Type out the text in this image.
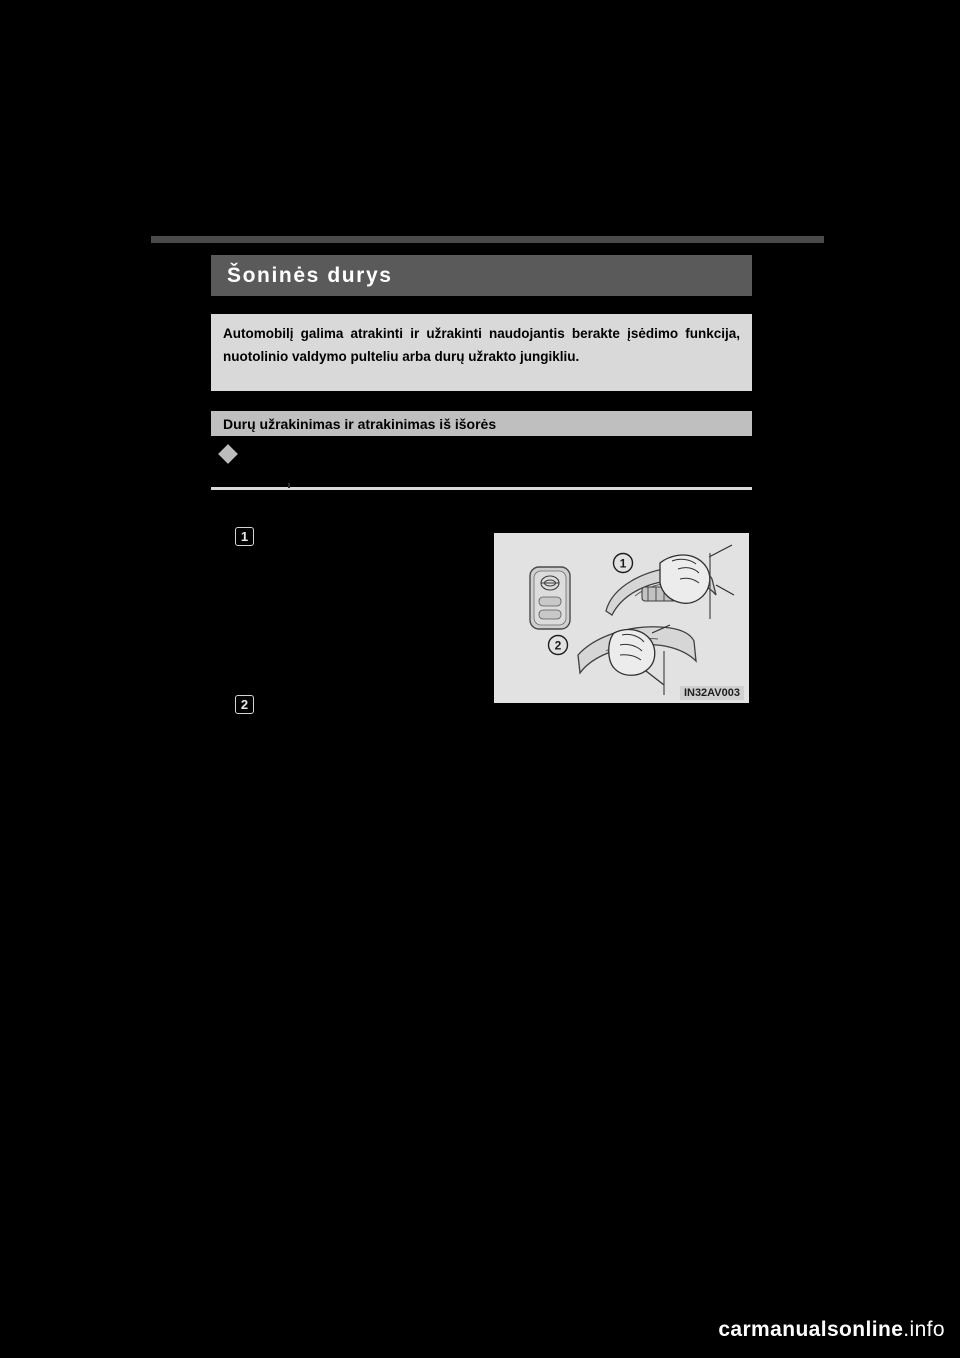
Šoninės durys
Automobilį galima atrakinti ir užrakinti naudojantis berakte įsėdimo funkcija, nuotolinio valdymo pulteliu arba durų užrakto jungikliu.
Durų užrakinimas ir atrakinimas iš išorės
1
2
1
2
IN32AV003
carmanualsonline.info
